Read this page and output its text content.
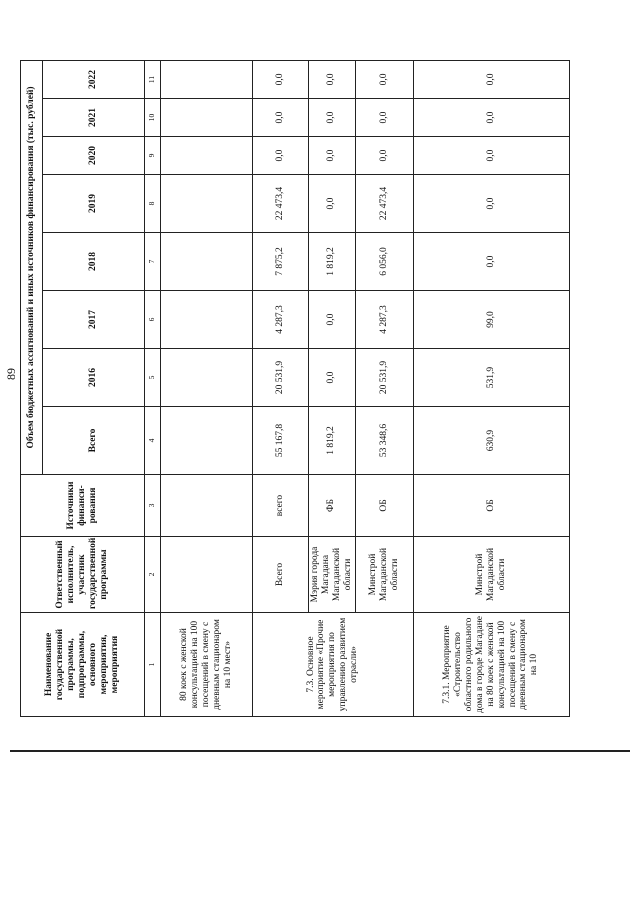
89
Наименование государственной программы, подпрограммы, основного мероприятия, мероприятия	Ответственный исполнитель, участник государственной программы	Источники финанси-рования	Объем бюджетных ассигнований и иных источников финансирования (тыс. рублей)							
			Всего	2016	2017	2018	2019	2020	2021	2022
1	2	3	4	5	6	7	8	9	10	11
80 коек с женской консультацией на 100 посещений в смену с дневным стационаром на 10 мест»										
7.3. Основное мероприятие «Прочие мероприятия по управлению развитием отрасли»	Всего	всего	55 167,8	20 531,9	4 287,3	7 875,2	22 473,4	0,0	0,0	0,0
	Мэрия города Магадана Магаданской области	ФБ	1 819,2	0,0	0,0	1 819,2	0,0	0,0	0,0	0,0
	Минстрой Магаданской области	ОБ	53 348,6	20 531,9	4 287,3	6 056,0	22 473,4	0,0	0,0	0,0
7.3.1. Мероприятие «Строительство областного родильного дома в городе Магадане на 80 коек с женской консультацией на 100 посещений в смену с дневным стационаром на 10	Минстрой Магаданской области	ОБ	630,9	531,9	99,0	0,0	0,0	0,0	0,0	0,0
